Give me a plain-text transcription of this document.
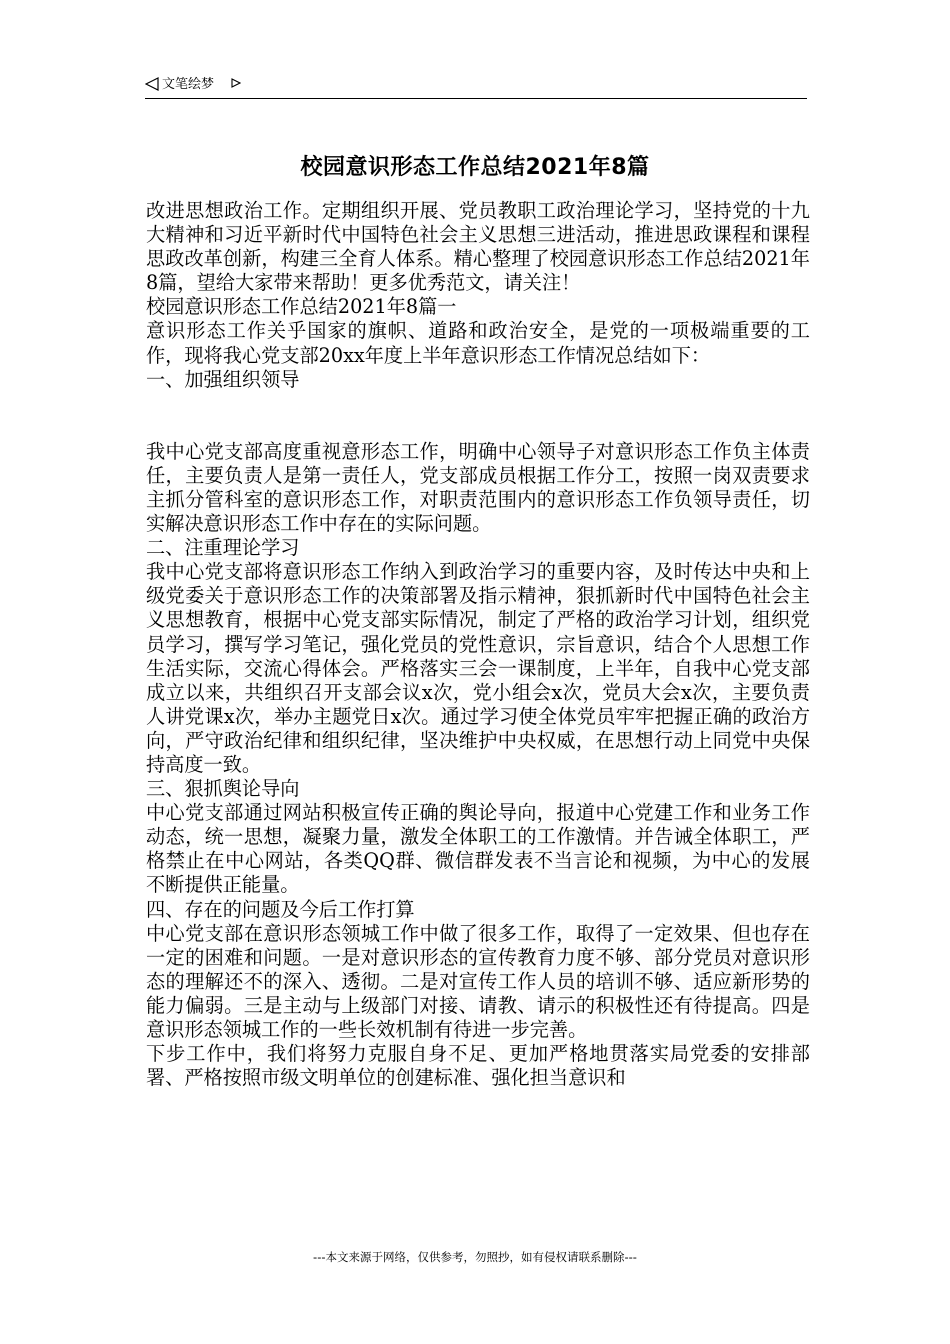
文笔绘梦
校园意识形态工作总结2021年8篇

改进思想政治工作。定期组织开展、党员教职工政治理论学习，坚持党的十九大精神和习近平新时代中国特色社会主义思想三进活动，推进思政课程和课程思政改革创新，构建三全育人体系。精心整理了校园意识形态工作总结2021年8篇，望给大家带来帮助！更多优秀范文，请关注！

校园意识形态工作总结2021年8篇一

意识形态工作关乎国家的旗帜、道路和政治安全，是党的一项极端重要的工作，现将我心党支部20xx年度上半年意识形态工作情况总结如下：

一、加强组织领导

我中心党支部高度重视意形态工作，明确中心领导子对意识形态工作负主体责任，主要负责人是第一责任人，党支部成员根据工作分工，按照一岗双责要求主抓分管科室的意识形态工作，对职责范围内的意识形态工作负领导责任，切实解决意识形态工作中存在的实际问题。

二、注重理论学习

我中心党支部将意识形态工作纳入到政治学习的重要内容，及时传达中央和上级党委关于意识形态工作的决策部署及指示精神，狠抓新时代中国特色社会主义思想教育，根据中心党支部实际情况，制定了严格的政治学习计划，组织党员学习，撰写学习笔记，强化党员的党性意识，宗旨意识，结合个人思想工作生活实际，交流心得体会。严格落实三会一课制度，上半年，自我中心党支部成立以来，共组织召开支部会议x次，党小组会x次，党员大会x次，主要负责人讲党课x次，举办主题党日x次。通过学习使全体党员牢牢把握正确的政治方向，严守政治纪律和组织纪律，坚决维护中央权威，在思想行动上同党中央保持高度一致。

三、狠抓舆论导向

中心党支部通过网站积极宣传正确的舆论导向，报道中心党建工作和业务工作动态，统一思想，凝聚力量，激发全体职工的工作激情。并告诫全体职工，严格禁止在中心网站，各类QQ群、微信群发表不当言论和视频，为中心的发展不断提供正能量。

四、存在的问题及今后工作打算

中心党支部在意识形态领城工作中做了很多工作，取得了一定效果、但也存在一定的困难和问题。一是对意识形态的宣传教育力度不够、部分党员对意识形态的理解还不的深入、透彻。二是对宣传工作人员的培训不够、适应新形势的能力偏弱。三是主动与上级部门对接、请教、请示的积极性还有待提高。四是意识形态领城工作的一些长效机制有待进一步完善。

下步工作中，我们将努力克服自身不足、更加严格地贯落实局党委的安排部署、严格按照市级文明单位的创建标准、强化担当意识和

---本文来源于网络，仅供参考，勿照抄，如有侵权请联系删除---
